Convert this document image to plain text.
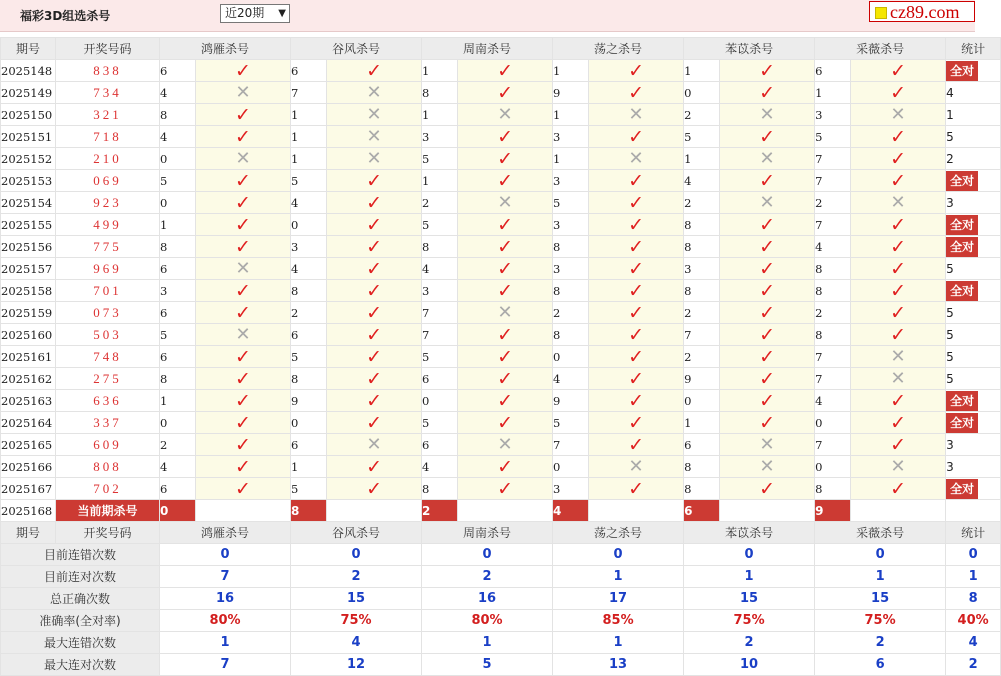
福彩3D组选杀号	近20期 ▼	cz89.com
期号	开奖号码	鸿雁杀号		谷风杀号		周南杀号		荡之杀号		苯苡杀号		采薇杀号		统计
2025148	838	6	✓	6	✓	1	✓	1	✓	1	✓	6	✓	全对
2025149	734	4	✕	7	✕	8	✓	9	✓	0	✓	1	✓	4
2025150	321	8	✓	1	✕	1	✕	1	✕	2	✕	3	✕	1
2025151	718	4	✓	1	✕	3	✓	3	✓	5	✓	5	✓	5
2025152	210	0	✕	1	✕	5	✓	1	✕	1	✕	7	✓	2
2025153	069	5	✓	5	✓	1	✓	3	✓	4	✓	7	✓	全对
2025154	923	0	✓	4	✓	2	✕	5	✓	2	✕	2	✕	3
2025155	499	1	✓	0	✓	5	✓	3	✓	8	✓	7	✓	全对
2025156	775	8	✓	3	✓	8	✓	8	✓	8	✓	4	✓	全对
2025157	969	6	✕	4	✓	4	✓	3	✓	3	✓	8	✓	5
2025158	701	3	✓	8	✓	3	✓	8	✓	8	✓	8	✓	全对
2025159	073	6	✓	2	✓	7	✕	2	✓	2	✓	2	✓	5
2025160	503	5	✕	6	✓	7	✓	8	✓	7	✓	8	✓	5
2025161	748	6	✓	5	✓	5	✓	0	✓	2	✓	7	✕	5
2025162	275	8	✓	8	✓	6	✓	4	✓	9	✓	7	✕	5
2025163	636	1	✓	9	✓	0	✓	9	✓	0	✓	4	✓	全对
2025164	337	0	✓	0	✓	5	✓	5	✓	1	✓	0	✓	全对
2025165	609	2	✓	6	✕	6	✕	7	✓	6	✕	7	✓	3
2025166	808	4	✓	1	✓	4	✓	0	✕	8	✕	0	✕	3
2025167	702	6	✓	5	✓	8	✓	3	✓	8	✓	8	✓	全对
2025168	当前期杀号	0		8		2		4		6		9		
期号	开奖号码	鸿雁杀号		谷风杀号		周南杀号		荡之杀号		苯苡杀号		采薇杀号		统计
目前连错次数		0		0		0		0		0		0		0
目前连对次数		7		2		2		1		1		1		1
总正确次数		16		15		16		17		15		15		8
准确率(全对率)		80%		75%		80%		85%		75%		75%		40%
最大连错次数		1		4		1		1		2		2		4
最大连对次数		7		12		5		13		10		6		2
